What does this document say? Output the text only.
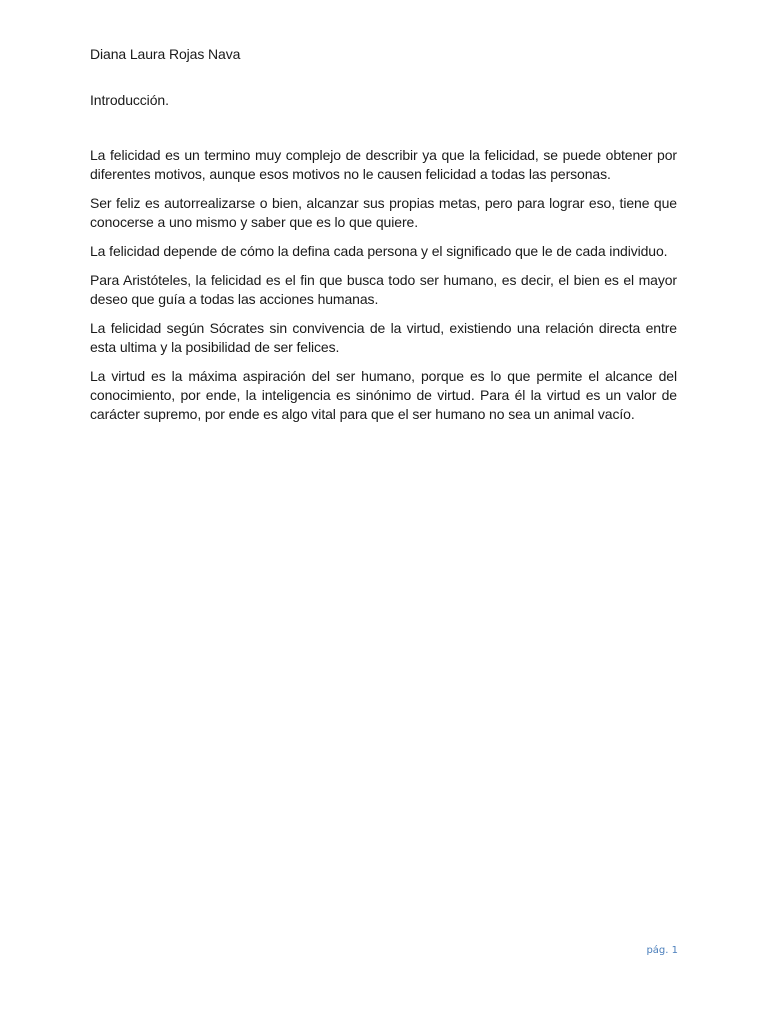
Diana Laura Rojas Nava

Introducción.

La felicidad es un termino muy complejo de describir ya que la felicidad, se puede obtener por diferentes motivos, aunque esos motivos no le causen felicidad a todas las personas.

Ser feliz es autorrealizarse o bien, alcanzar sus propias metas, pero para lograr eso, tiene que conocerse a uno mismo y saber que es lo que quiere.

La felicidad depende de cómo la defina cada persona y el significado que le de cada individuo.

Para Aristóteles, la felicidad es el fin que busca todo ser humano, es decir, el bien es el mayor deseo que guía a todas las acciones humanas.

La felicidad según Sócrates sin convivencia de la virtud, existiendo una relación directa entre esta ultima y la posibilidad de ser felices.

La virtud es la máxima aspiración del ser humano, porque es lo que permite el alcance del conocimiento, por ende, la inteligencia es sinónimo de virtud. Para él la virtud es un valor de carácter supremo, por ende es algo vital para que el ser humano no sea un animal vacío.

pág. 1
